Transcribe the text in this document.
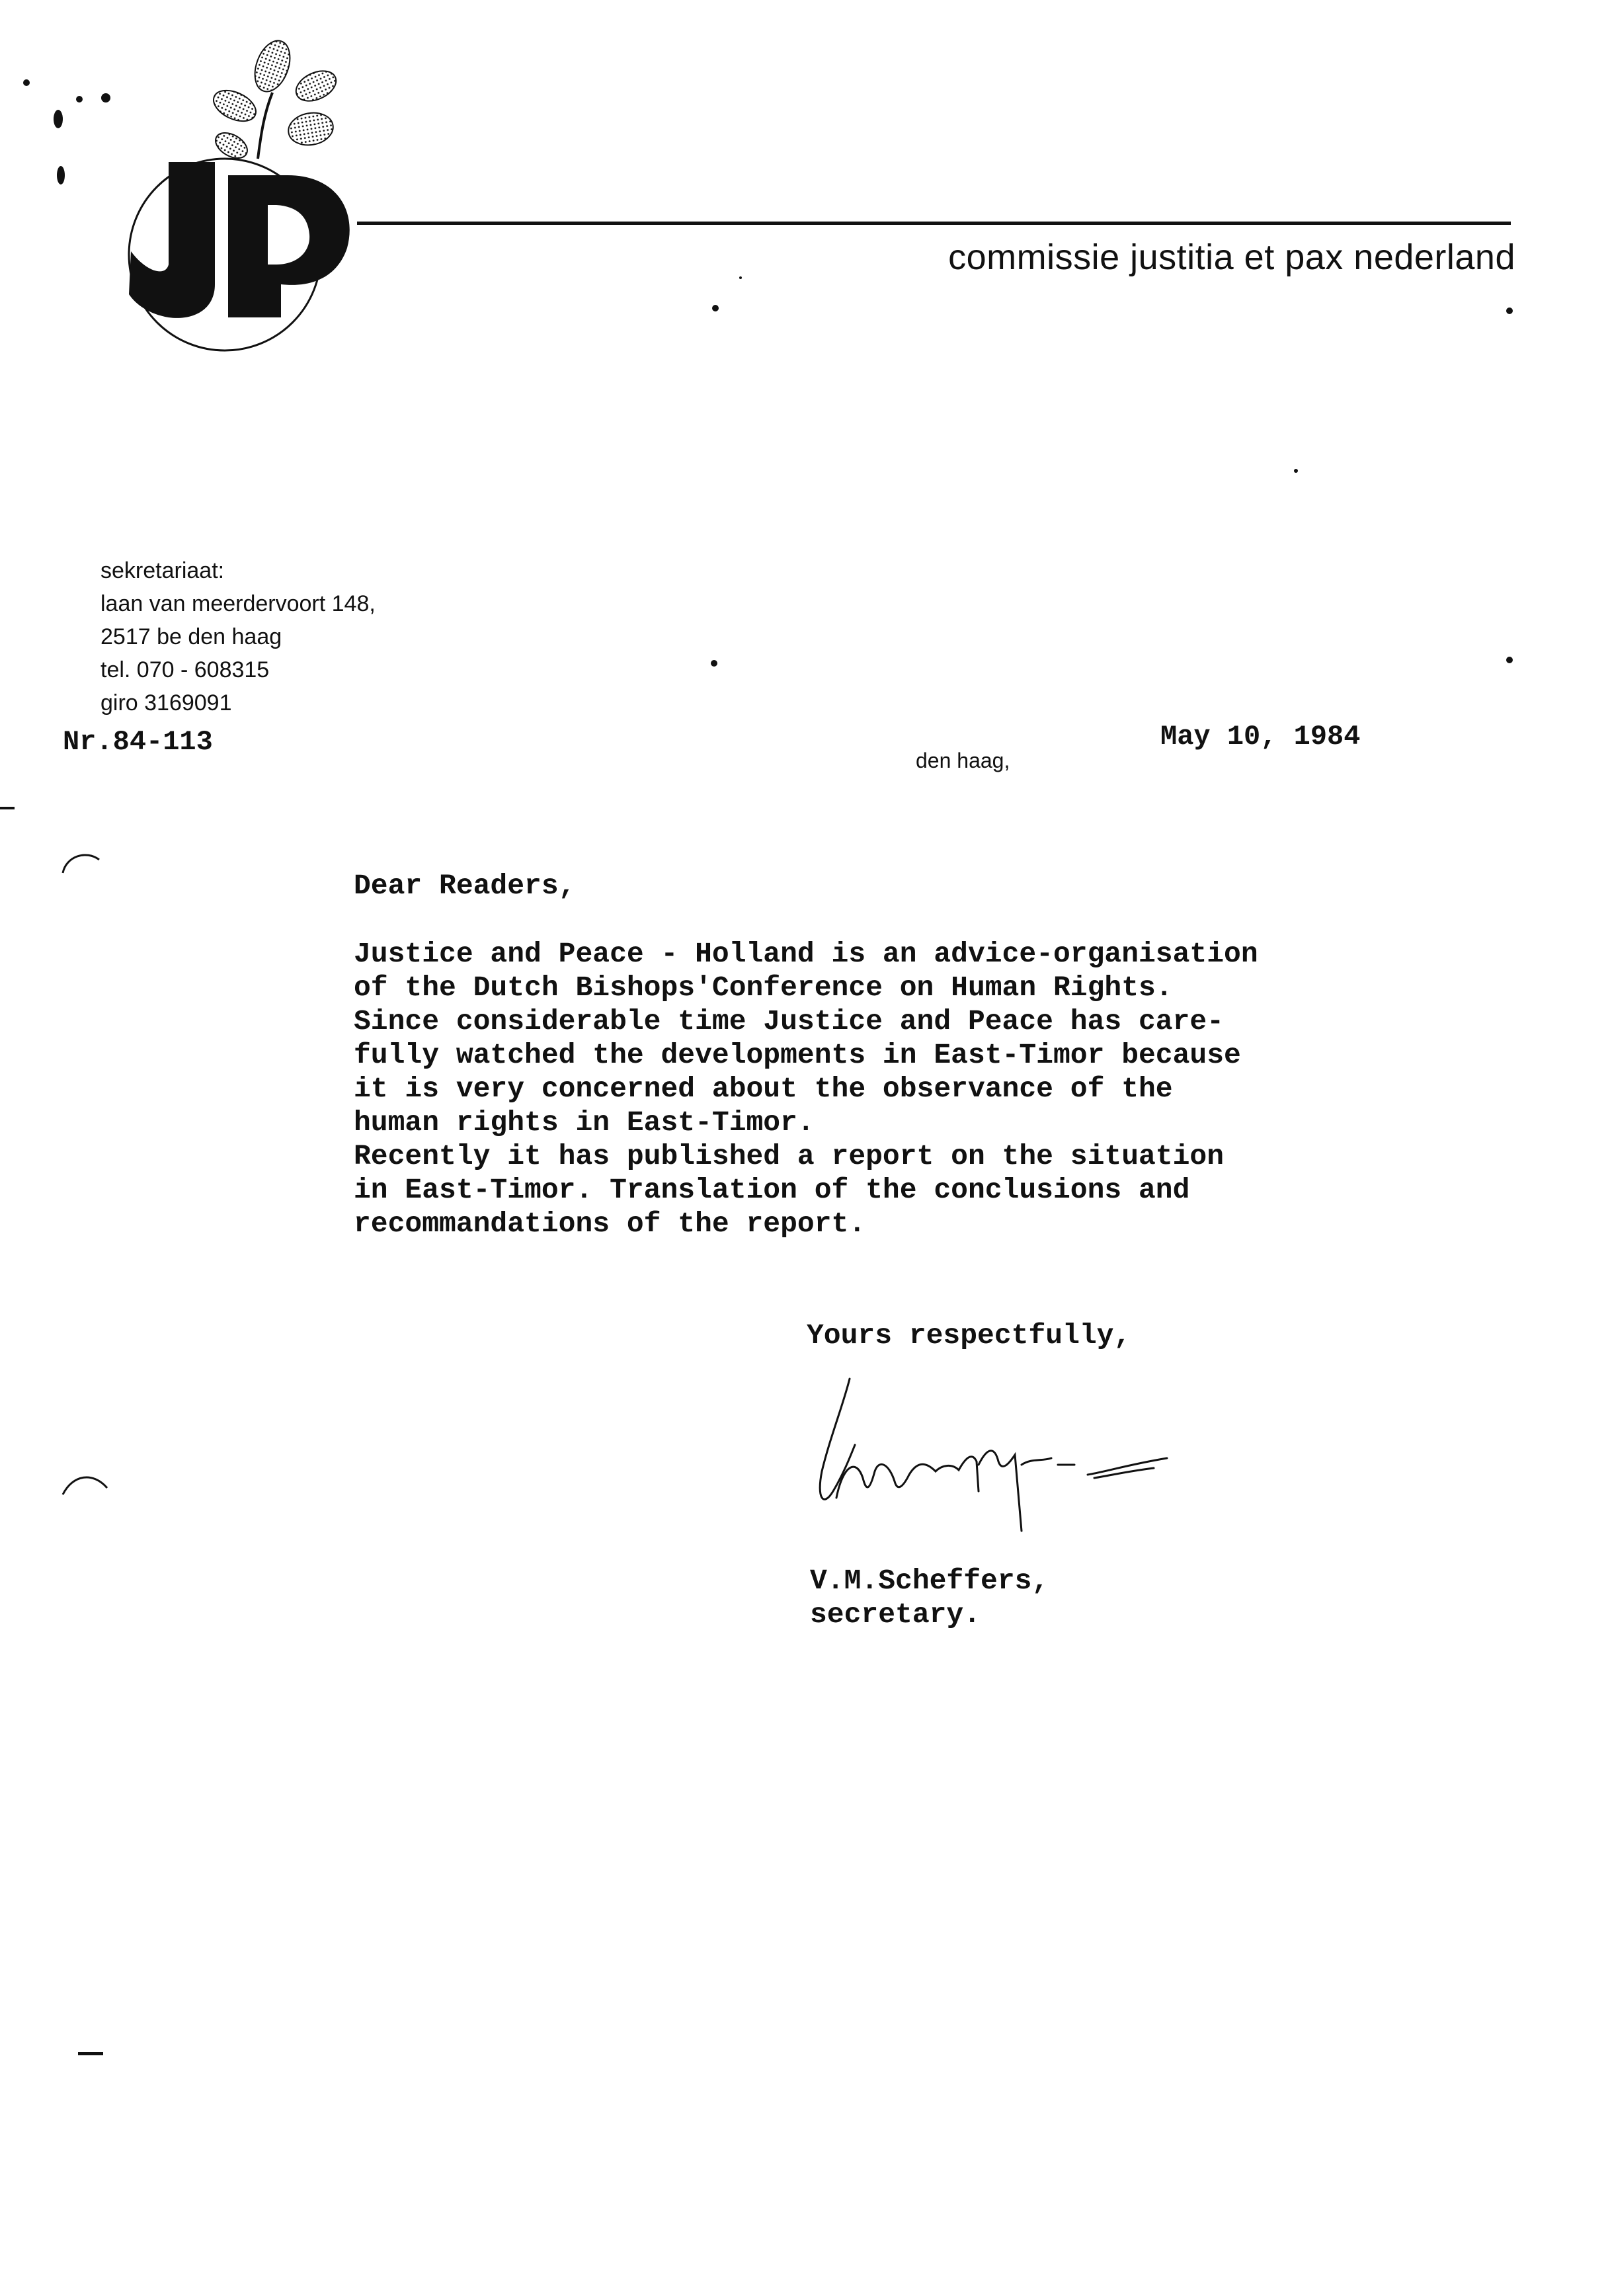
commissie justitia et pax nederland
sekretariaat:
laan van meerdervoort 148,
2517 be den haag
tel. 070 - 608315
giro 3169091
Nr.84-113
den haag,
May 10, 1984
Dear Readers,
Justice and Peace - Holland is an advice-organisation
of the Dutch Bishops'Conference on Human Rights.
Since considerable time Justice and Peace has care-
fully watched the developments in East-Timor because
it is very concerned about the observance of the
human rights in East-Timor.
Recently it has published a report on the situation
in East-Timor. Translation of the conclusions and
recommandations of the report.
Yours respectfully,
V.M.Scheffers,
secretary.
